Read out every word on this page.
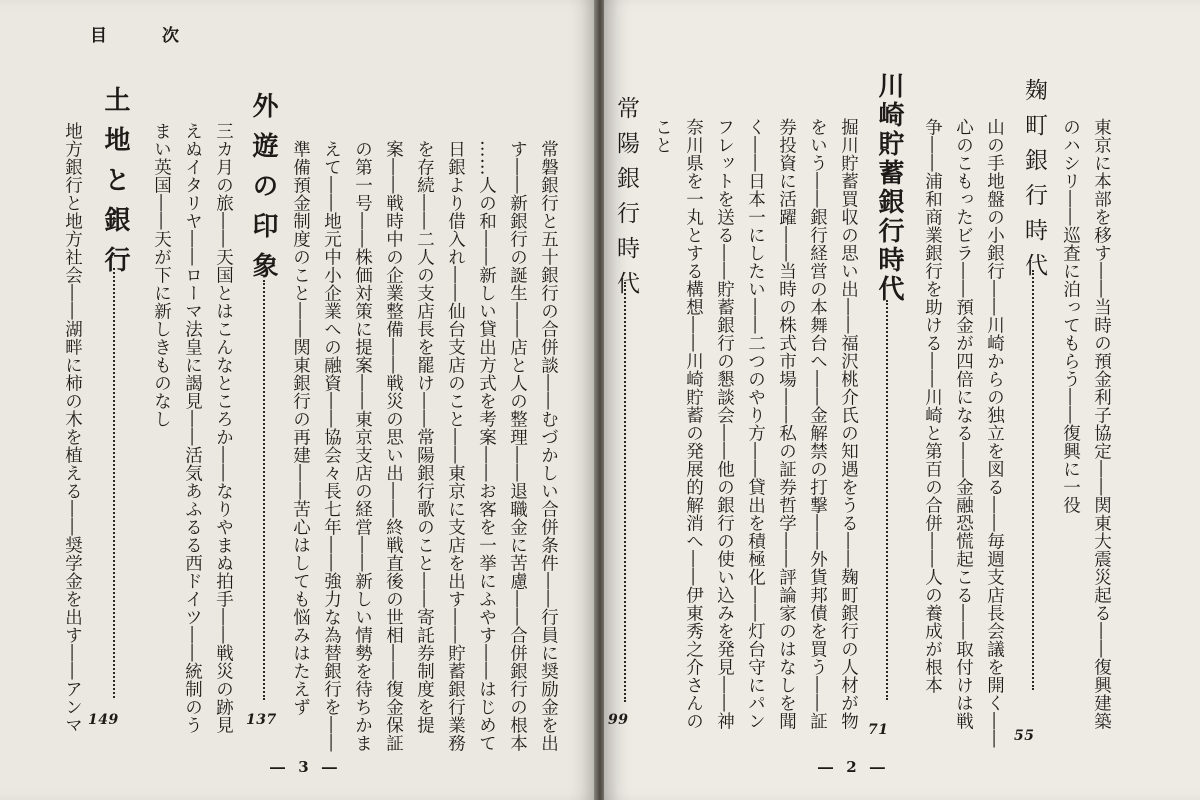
目	次
常磐銀行と五十銀行の合併談――むづかしい合併条件――行員に奨励金を出
す――新銀行の誕生――店と人の整理――退職金に苦慮――合併銀行の根本
……人の和――新しい貸出方式を考案――お客を一挙にふやす――はじめて
日銀より借入れ――仙台支店のこと――東京に支店を出す――貯蓄銀行業務
を存続――二人の支店長を罷け――常陽銀行歌のこと――寄託券制度を提
案――戦時中の企業整備――戦災の思い出――終戦直後の世相――復金保証
の第一号――株価対策に提案――東京支店の経営――新しい情勢を待ちかま
えて――地元中小企業への融資――協会々長七年――強力な為替銀行を――
準備預金制度のこと――関東銀行の再建――苦心はしても悩みはたえず
外遊の印象
137
三カ月の旅――天国とはこんなところか――なりやまぬ拍手――戦災の跡見
えぬイタリヤ――ローマ法皇に謁見――活気あふるる西ドイツ――統制のう
まい英国――天が下に新しきものなし
土地と銀行
149
地方銀行と地方社会――湖畔に柿の木を植える――奨学金を出す――アンマ
― 3 ―
麹町銀行時代
55
東京に本部を移す――当時の預金利子協定――関東大震災起る――復興建築
のハシリ――巡査に泊ってもらう――復興に一役
山の手地盤の小銀行――川崎からの独立を図る――毎週支店長会議を開く――
心のこもったビラ――預金が四倍になる――金融恐慌起こる――取付けは戦
争――浦和商業銀行を助ける――川崎と第百の合併――人の養成が根本
川崎貯蓄銀行時代
71
掘川貯蓄買収の思い出――福沢桃介氏の知遇をうる――麹町銀行の人材が物
をいう――銀行経営の本舞台へ――金解禁の打撃――外貨邦債を買う――証
券投資に活躍――当時の株式市場――私の証券哲学――評論家のはなしを聞
く――日本一にしたい――二つのやり方――貸出を積極化――灯台守にパン
フレットを送る――貯蓄銀行の懇談会――他の銀行の使い込みを発見――神
奈川県を一丸とする構想――川崎貯蓄の発展的解消へ――伊東秀之介さんの
こと
常陽銀行時代
99
― 2 ―
